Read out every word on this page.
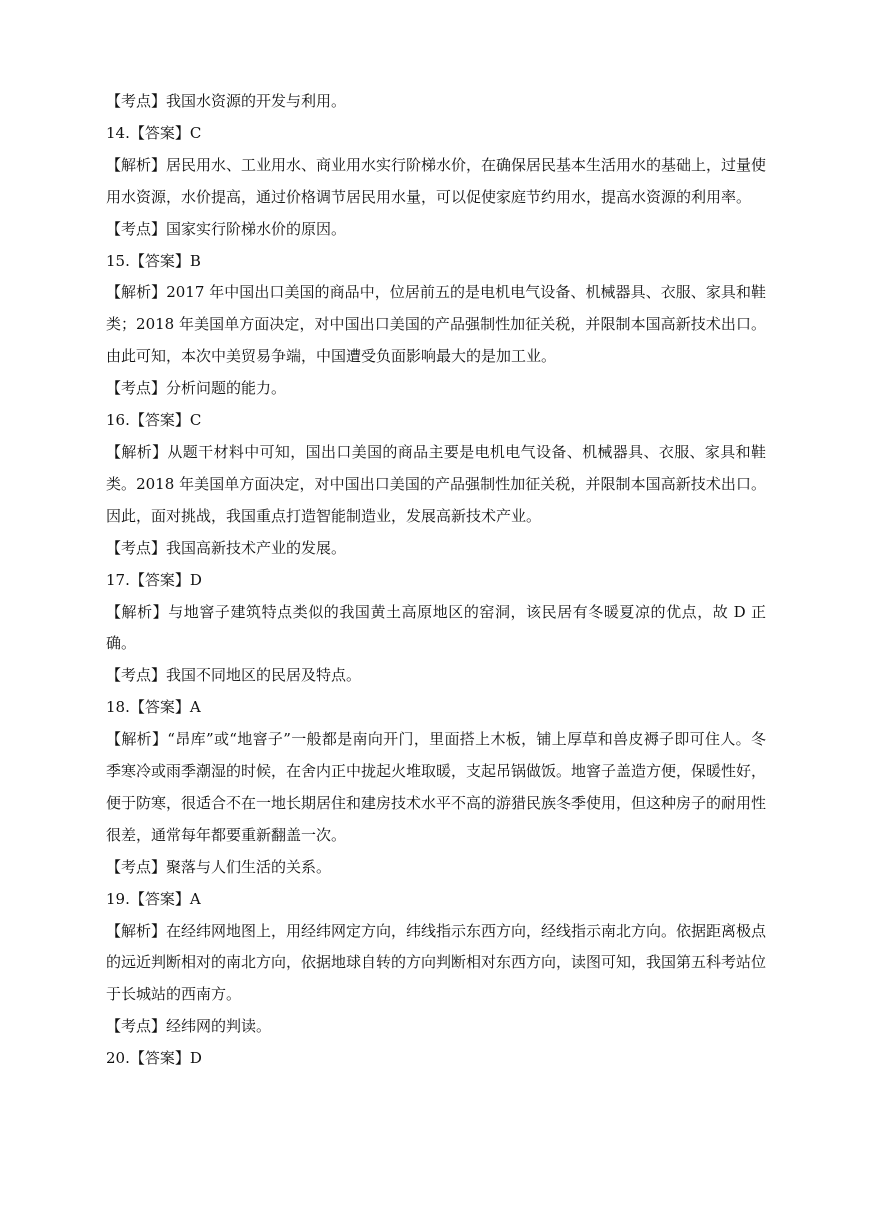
【考点】我国水资源的开发与利用。

14.【答案】C

【解析】居民用水、工业用水、商业用水实行阶梯水价，在确保居民基本生活用水的基础上，过量使用水资源，水价提高，通过价格调节居民用水量，可以促使家庭节约用水，提高水资源的利用率。

【考点】国家实行阶梯水价的原因。

15.【答案】B

【解析】2017 年中国出口美国的商品中，位居前五的是电机电气设备、机械器具、衣服、家具和鞋类；2018 年美国单方面决定，对中国出口美国的产品强制性加征关税，并限制本国高新技术出口。由此可知，本次中美贸易争端，中国遭受负面影响最大的是加工业。

【考点】分析问题的能力。

16.【答案】C

【解析】从题干材料中可知，国出口美国的商品主要是电机电气设备、机械器具、衣服、家具和鞋类。2018 年美国单方面决定，对中国出口美国的产品强制性加征关税，并限制本国高新技术出口。因此，面对挑战，我国重点打造智能制造业，发展高新技术产业。

【考点】我国高新技术产业的发展。

17.【答案】D

【解析】与地窨子建筑特点类似的我国黄土高原地区的窑洞，该民居有冬暖夏凉的优点，故 D 正确。

【考点】我国不同地区的民居及特点。

18.【答案】A

【解析】“昂库”或“地窨子”一般都是南向开门，里面搭上木板，铺上厚草和兽皮褥子即可住人。冬季寒冷或雨季潮湿的时候，在舍内正中拢起火堆取暖，支起吊锅做饭。地窨子盖造方便，保暖性好，便于防寒，很适合不在一地长期居住和建房技术水平不高的游猎民族冬季使用，但这种房子的耐用性很差，通常每年都要重新翻盖一次。

【考点】聚落与人们生活的关系。

19.【答案】A

【解析】在经纬网地图上，用经纬网定方向，纬线指示东西方向，经线指示南北方向。依据距离极点的远近判断相对的南北方向，依据地球自转的方向判断相对东西方向，读图可知，我国第五科考站位于长城站的西南方。

【考点】经纬网的判读。

20.【答案】D
